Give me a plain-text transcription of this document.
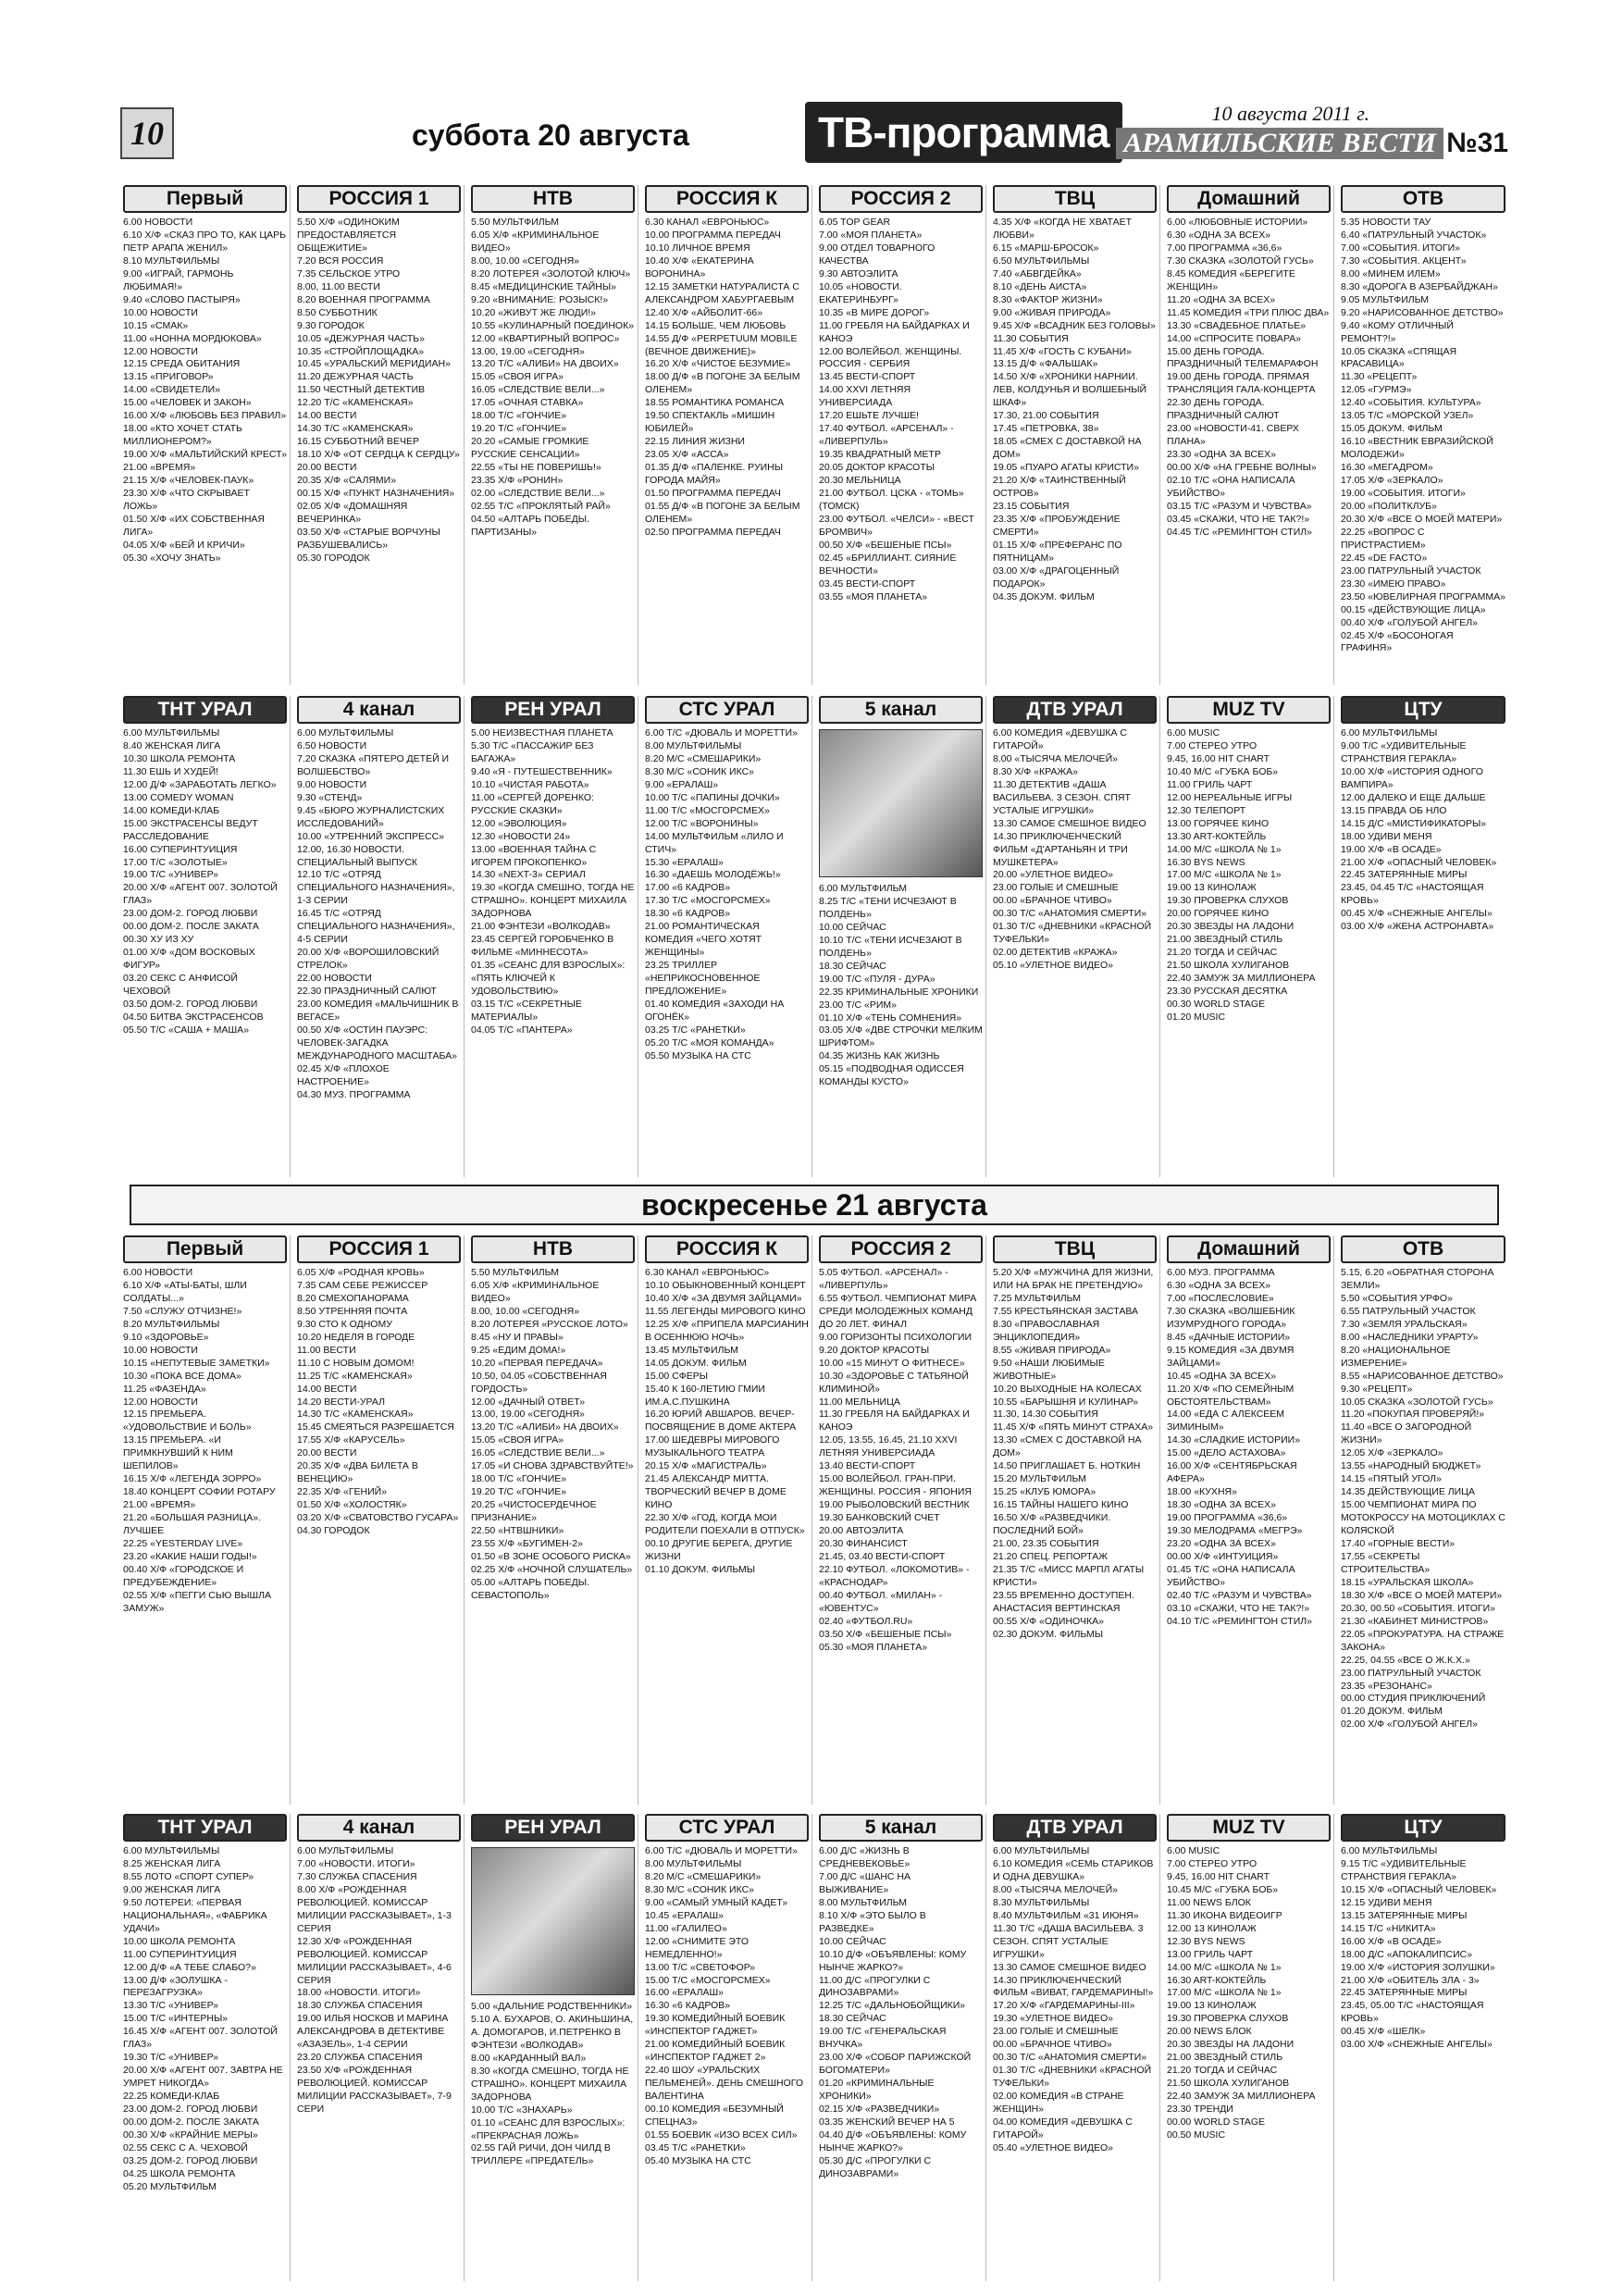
10	суббота 20 августа	ТВ-программа	10 августа 2011 г.
АРАМИЛЬСКИЕ ВЕСТИ №31
Первый
6.00 НОВОСТИ
6.10 Х/Ф «СКАЗ ПРО ТО, КАК ЦАРЬ ПЕТР АРАПА ЖЕНИЛ»
8.10 МУЛЬТФИЛЬМЫ
9.00 «ИГРАЙ, ГАРМОНЬ ЛЮБИМАЯ!»
9.40 «СЛОВО ПАСТЫРЯ»
10.00 НОВОСТИ
10.15 «СМАК»
11.00 «НОННА МОРДЮКОВА»
12.00 НОВОСТИ
12.15 СРЕДА ОБИТАНИЯ
13.15 «ПРИГОВОР»
14.00 «СВИДЕТЕЛИ»
15.00 «ЧЕЛОВЕК И ЗАКОН»
16.00 Х/Ф «ЛЮБОВЬ БЕЗ ПРАВИЛ»
18.00 «КТО ХОЧЕТ СТАТЬ МИЛЛИОНЕРОМ?»
19.00 Х/Ф «МАЛЬТИЙСКИЙ КРЕСТ»
21.00 «ВРЕМЯ»
21.15 Х/Ф «ЧЕЛОВЕК-ПАУК»
23.30 Х/Ф «ЧТО СКРЫВАЕТ ЛОЖЬ»
01.50 Х/Ф «ИХ СОБСТВЕННАЯ ЛИГА»
04.05 Х/Ф «БЕЙ И КРИЧИ»
05.30 «ХОЧУ ЗНАТЬ»
РОССИЯ 1
5.50 Х/Ф «ОДИНОКИМ ПРЕДОСТАВЛЯЕТСЯ ОБЩЕЖИТИЕ»
7.20 ВСЯ РОССИЯ
7.35 СЕЛЬСКОЕ УТРО
8.00, 11.00 ВЕСТИ
8.20 ВОЕННАЯ ПРОГРАММА
8.50 СУББОТНИК
9.30 ГОРОДОК
10.05 «ДЕЖУРНАЯ ЧАСТЬ»
10.35 «СТРОЙПЛОЩАДКА»
10.45 «УРАЛЬСКИЙ МЕРИДИАН»
11.20 ДЕЖУРНАЯ ЧАСТЬ
11.50 ЧЕСТНЫЙ ДЕТЕКТИВ
12.20 Т/С «КАМЕНСКАЯ»
14.00 ВЕСТИ
14.30 Т/С «КАМЕНСКАЯ»
16.15 СУББОТНИЙ ВЕЧЕР
18.10 Х/Ф «ОТ СЕРДЦА К СЕРДЦУ»
20.00 ВЕСТИ
20.35 Х/Ф «САЛЯМИ»
00.15 Х/Ф «ПУНКТ НАЗНАЧЕНИЯ»
02.05 Х/Ф «ДОМАШНЯЯ ВЕЧЕРИНКА»
03.50 Х/Ф «СТАРЫЕ ВОРЧУНЫ РАЗБУШЕВАЛИСЬ»
05.30 ГОРОДОК
НТВ
5.50 МУЛЬТФИЛЬМ
6.05 Х/Ф «КРИМИНАЛЬНОЕ ВИДЕО»
8.00, 10.00 «СЕГОДНЯ»
8.20 ЛОТЕРЕЯ «ЗОЛОТОЙ КЛЮЧ»
8.45 «МЕДИЦИНСКИЕ ТАЙНЫ»
9.20 «ВНИМАНИЕ: РОЗЫСК!»
10.20 «ЖИВУТ ЖЕ ЛЮДИ!»
10.55 «КУЛИНАРНЫЙ ПОЕДИНОК»
12.00 «КВАРТИРНЫЙ ВОПРОС»
13.00, 19.00 «СЕГОДНЯ»
13.20 Т/С «АЛИБИ» НА ДВОИХ»
15.05 «СВОЯ ИГРА»
16.05 «СЛЕДСТВИЕ ВЕЛИ...»
17.05 «ОЧНАЯ СТАВКА»
18.00 Т/С «ГОНЧИЕ»
19.20 Т/С «ГОНЧИЕ»
20.20 «САМЫЕ ГРОМКИЕ РУССКИЕ СЕНСАЦИИ»
22.55 «ТЫ НЕ ПОВЕРИШЬ!»
23.35 Х/Ф «РОНИН»
02.00 «СЛЕДСТВИЕ ВЕЛИ...»
02.55 Т/С «ПРОКЛЯТЫЙ РАЙ»
04.50 «АЛТАРЬ ПОБЕДЫ. ПАРТИЗАНЫ»
РОССИЯ К
6.30 КАНАЛ «ЕВРОНЬЮС»
10.00 ПРОГРАММА ПЕРЕДАЧ
10.10 ЛИЧНОЕ ВРЕМЯ
10.40 Х/Ф «ЕКАТЕРИНА ВОРОНИНА»
12.15 ЗАМЕТКИ НАТУРАЛИСТА С АЛЕКСАНДРОМ ХАБУРГАЕВЫМ
12.40 Х/Ф «АЙБОЛИТ-66»
14.15 БОЛЬШЕ, ЧЕМ ЛЮБОВЬ
14.55 Д/Ф «PERPETUUM MOBILE (ВЕЧНОЕ ДВИЖЕНИЕ)»
16.20 Х/Ф «ЧИСТОЕ БЕЗУМИЕ»
18.00 Д/Ф «В ПОГОНЕ ЗА БЕЛЫМ ОЛЕНЕМ»
18.55 РОМАНТИКА РОМАНСА
19.50 СПЕКТАКЛЬ «МИШИН ЮБИЛЕЙ»
22.15 ЛИНИЯ ЖИЗНИ
23.05 Х/Ф «АССА»
01.35 Д/Ф «ПАЛЕНКЕ. РУИНЫ ГОРОДА МАЙЯ»
01.50 ПРОГРАММА ПЕРЕДАЧ
01.55 Д/Ф «В ПОГОНЕ ЗА БЕЛЫМ ОЛЕНЕМ»
02.50 ПРОГРАММА ПЕРЕДАЧ
РОССИЯ 2
6.05 TOP GEAR
7.00 «МОЯ ПЛАНЕТА»
9.00 ОТДЕЛ ТОВАРНОГО КАЧЕСТВА
9.30 АВТОЭЛИТА
10.05 «НОВОСТИ. ЕКАТЕРИНБУРГ»
10.35 «В МИРЕ ДОРОГ»
11.00 ГРЕБЛЯ НА БАЙДАРКАХ И КАНОЭ
12.00 ВОЛЕЙБОЛ. ЖЕНЩИНЫ. РОССИЯ - СЕРБИЯ
13.45 ВЕСТИ-СПОРТ
14.00 XXVI ЛЕТНЯЯ УНИВЕРСИАДА
17.20 ЕШЬТЕ ЛУЧШЕ!
17.40 ФУТБОЛ. «АРСЕНАЛ» - «ЛИВЕРПУЛЬ»
19.35 КВАДРАТНЫЙ МЕТР
20.05 ДОКТОР КРАСОТЫ
20.30 МЕЛЬНИЦА
21.00 ФУТБОЛ. ЦСКА - «ТОМЬ» (ТОМСК)
23.00 ФУТБОЛ. «ЧЕЛСИ» - «ВЕСТ БРОМВИЧ»
00.50 Х/Ф «БЕШЕНЫЕ ПСЫ»
02.45 «БРИЛЛИАНТ. СИЯНИЕ ВЕЧНОСТИ»
03.45 ВЕСТИ-СПОРТ
03.55 «МОЯ ПЛАНЕТА»
ТВЦ
4.35 Х/Ф «КОГДА НЕ ХВАТАЕТ ЛЮБВИ»
6.15 «МАРШ-БРОСОК»
6.50 МУЛЬТФИЛЬМЫ
7.40 «АБВГДЕЙКА»
8.10 «ДЕНЬ АИСТА»
8.30 «ФАКТОР ЖИЗНИ»
9.00 «ЖИВАЯ ПРИРОДА»
9.45 Х/Ф «ВСАДНИК БЕЗ ГОЛОВЫ»
11.30 СОБЫТИЯ
11.45 Х/Ф «ГОСТЬ С КУБАНИ»
13.15 Д/Ф «ФАЛЬШАК»
14.50 Х/Ф «ХРОНИКИ НАРНИИ. ЛЕВ, КОЛДУНЬЯ И ВОЛШЕБНЫЙ ШКАФ»
17.30, 21.00 СОБЫТИЯ
17.45 «ПЕТРОВКА, 38»
18.05 «СМЕХ С ДОСТАВКОЙ НА ДОМ»
19.05 «ПУАРО АГАТЫ КРИСТИ»
21.20 Х/Ф «ТАИНСТВЕННЫЙ ОСТРОВ»
23.15 СОБЫТИЯ
23.35 Х/Ф «ПРОБУЖДЕНИЕ СМЕРТИ»
01.15 Х/Ф «ПРЕФЕРАНС ПО ПЯТНИЦАМ»
03.00 Х/Ф «ДРАГОЦЕННЫЙ ПОДАРОК»
04.35 ДОКУМ. ФИЛЬМ
Домашний
6.00 «ЛЮБОВНЫЕ ИСТОРИИ»
6.30 «ОДНА ЗА ВСЕХ»
7.00 ПРОГРАММА «36,6»
7.30 СКАЗКА «ЗОЛОТОЙ ГУСЬ»
8.45 КОМЕДИЯ «БЕРЕГИТЕ ЖЕНЩИН»
11.20 «ОДНА ЗА ВСЕХ»
11.45 КОМЕДИЯ «ТРИ ПЛЮС ДВА»
13.30 «СВАДЕБНОЕ ПЛАТЬЕ»
14.00 «СПРОСИТЕ ПОВАРА»
15.00 ДЕНЬ ГОРОДА. ПРАЗДНИЧНЫЙ ТЕЛЕМАРАФОН
19.00 ДЕНЬ ГОРОДА. ПРЯМАЯ ТРАНСЛЯЦИЯ ГАЛА-КОНЦЕРТА
22.30 ДЕНЬ ГОРОДА. ПРАЗДНИЧНЫЙ САЛЮТ
23.00 «НОВОСТИ-41. СВЕРХ ПЛАНА»
23.30 «ОДНА ЗА ВСЕХ»
00.00 Х/Ф «НА ГРЕБНЕ ВОЛНЫ»
02.10 Т/С «ОНА НАПИСАЛА УБИЙСТВО»
03.15 Т/С «РАЗУМ И ЧУВСТВА»
03.45 «СКАЖИ, ЧТО НЕ ТАК?!»
04.45 Т/С «РЕМИНГТОН СТИЛ»
ОТВ
5.35 НОВОСТИ ТАУ
6.40 «ПАТРУЛЬНЫЙ УЧАСТОК»
7.00 «СОБЫТИЯ. ИТОГИ»
7.30 «СОБЫТИЯ. АКЦЕНТ»
8.00 «МИНЕМ ИЛЕМ»
8.30 «ДОРОГА В АЗЕРБАЙДЖАН»
9.05 МУЛЬТФИЛЬМ
9.20 «НАРИСОВАННОЕ ДЕТСТВО»
9.40 «КОМУ ОТЛИЧНЫЙ РЕМОНТ?!»
10.05 СКАЗКА «СПЯЩАЯ КРАСАВИЦА»
11.30 «РЕЦЕПТ»
12.05 «ГУРМЭ»
12.40 «СОБЫТИЯ. КУЛЬТУРА»
13.05 Т/С «МОРСКОЙ УЗЕЛ»
15.05 ДОКУМ. ФИЛЬМ
16.10 «ВЕСТНИК ЕВРАЗИЙСКОЙ МОЛОДЕЖИ»
16.30 «МЕГАДРОМ»
17.05 Х/Ф «ЗЕРКАЛО»
19.00 «СОБЫТИЯ. ИТОГИ»
20.00 «ПОЛИТКЛУБ»
20.30 Х/Ф «ВСЕ О МОЕЙ МАТЕРИ»
22.25 «ВОПРОС С ПРИСТРАСТИЕМ»
22.45 «DE FACTO»
23.00 ПАТРУЛЬНЫЙ УЧАСТОК
23.30 «ИМЕЮ ПРАВО»
23.50 «ЮВЕЛИРНАЯ ПРОГРАММА»
00.15 «ДЕЙСТВУЮЩИЕ ЛИЦА»
00.40 Х/Ф «ГОЛУБОЙ АНГЕЛ»
02.45 Х/Ф «БОСОНОГАЯ ГРАФИНЯ»
ТНТ УРАЛ
6.00 МУЛЬТФИЛЬМЫ
8.40 ЖЕНСКАЯ ЛИГА
10.30 ШКОЛА РЕМОНТА
11.30 ЕШЬ И ХУДЕЙ!
12.00 Д/Ф «ЗАРАБОТАТЬ ЛЕГКО»
13.00 COMEDY WOMAN
14.00 КОМЕДИ-КЛАБ
15.00 ЭКСТРАСЕНСЫ ВЕДУТ РАССЛЕДОВАНИЕ
16.00 СУПЕРИНТУИЦИЯ
17.00 Т/С «ЗОЛОТЫЕ»
19.00 Т/С «УНИВЕР»
20.00 Х/Ф «АГЕНТ 007. ЗОЛОТОЙ ГЛАЗ»
23.00 ДОМ-2. ГОРОД ЛЮБВИ
00.00 ДОМ-2. ПОСЛЕ ЗАКАТА
00.30 ХУ ИЗ ХУ
01.00 Х/Ф «ДОМ ВОСКОВЫХ ФИГУР»
03.20 СЕКС С АНФИСОЙ ЧЕХОВОЙ
03.50 ДОМ-2. ГОРОД ЛЮБВИ
04.50 БИТВА ЭКСТРАСЕНСОВ
05.50 Т/С «САША + МАША»
4 канал
6.00 МУЛЬТФИЛЬМЫ
6.50 НОВОСТИ
7.20 СКАЗКА «ПЯТЕРО ДЕТЕЙ И ВОЛШЕБСТВО»
9.00 НОВОСТИ
9.30 «СТЕНД»
9.45 «БЮРО ЖУРНАЛИСТСКИХ ИССЛЕДОВАНИЙ»
10.00 «УТРЕННИЙ ЭКСПРЕСС»
12.00, 16.30 НОВОСТИ. СПЕЦИАЛЬНЫЙ ВЫПУСК
12.10 Т/С «ОТРЯД СПЕЦИАЛЬНОГО НАЗНАЧЕНИЯ», 1-3 СЕРИИ
16.45 Т/С «ОТРЯД СПЕЦИАЛЬНОГО НАЗНАЧЕНИЯ», 4-5 СЕРИИ
20.00 Х/Ф «ВОРОШИЛОВСКИЙ СТРЕЛОК»
22.00 НОВОСТИ
22.30 ПРАЗДНИЧНЫЙ САЛЮТ
23.00 КОМЕДИЯ «МАЛЬЧИШНИК В ВЕГАСЕ»
00.50 Х/Ф «ОСТИН ПАУЭРС: ЧЕЛОВЕК-ЗАГАДКА МЕЖДУНАРОДНОГО МАСШТАБА»
02.45 Х/Ф «ПЛОХОЕ НАСТРОЕНИЕ»
04.30 МУЗ. ПРОГРАММА
РЕН УРАЛ
5.00 НЕИЗВЕСТНАЯ ПЛАНЕТА
5.30 Т/С «ПАССАЖИР БЕЗ БАГАЖА»
9.40 «Я - ПУТЕШЕСТВЕННИК»
10.10 «ЧИСТАЯ РАБОТА»
11.00 «СЕРГЕЙ ДОРЕНКО: РУССКИЕ СКАЗКИ»
12.00 «ЭВОЛЮЦИЯ»
12.30 «НОВОСТИ 24»
13.00 «ВОЕННАЯ ТАЙНА С ИГОРЕМ ПРОКОПЕНКО»
14.30 «NEXT-3» СЕРИАЛ
19.30 «КОГДА СМЕШНО, ТОГДА НЕ СТРАШНО». КОНЦЕРТ МИХАИЛА ЗАДОРНОВА
21.00 ФЭНТЕЗИ «ВОЛКОДАВ»
23.45 СЕРГЕЙ ГОРОБЧЕНКО В ФИЛЬМЕ «МИННЕСОТА»
01.35 «СЕАНС ДЛЯ ВЗРОСЛЫХ»: «ПЯТЬ КЛЮЧЕЙ К УДОВОЛЬСТВИЮ»
03.15 Т/С «СЕКРЕТНЫЕ МАТЕРИАЛЫ»
04.05 Т/С «ПАНТЕРА»
СТС УРАЛ
6.00 Т/С «ДЮВАЛЬ И МОРЕТТИ»
8.00 МУЛЬТФИЛЬМЫ
8.20 М/С «СМЕШАРИКИ»
8.30 М/С «СОНИК ИКС»
9.00 «ЕРАЛАШ»
10.00 Т/С «ПАПИНЫ ДОЧКИ»
11.00 Т/С «МОСГОРСМЕХ»
12.00 Т/С «ВОРОНИНЫ»
14.00 МУЛЬТФИЛЬМ «ЛИЛО И СТИЧ»
15.30 «ЕРАЛАШ»
16.30 «ДАЕШЬ МОЛОДЁЖЬ!»
17.00 «6 КАДРОВ»
17.30 Т/С «МОСГОРСМЕХ»
18.30 «6 КАДРОВ»
21.00 РОМАНТИЧЕСКАЯ КОМЕДИЯ «ЧЕГО ХОТЯТ ЖЕНЩИНЫ»
23.25 ТРИЛЛЕР «НЕПРИКОСНОВЕННОЕ ПРЕДЛОЖЕНИЕ»
01.40 КОМЕДИЯ «ЗАХОДИ НА ОГОНЁК»
03.25 Т/С «РАНЕТКИ»
05.20 Т/С «МОЯ КОМАНДА»
05.50 МУЗЫКА НА СТС
5 канал
6.00 МУЛЬТФИЛЬМ
8.25 Т/С «ТЕНИ ИСЧЕЗАЮТ В ПОЛДЕНЬ»
10.00 СЕЙЧАС
10.10 Т/С «ТЕНИ ИСЧЕЗАЮТ В ПОЛДЕНЬ»
18.30 СЕЙЧАС
19.00 Т/С «ПУЛЯ - ДУРА»
22.35 КРИМИНАЛЬНЫЕ ХРОНИКИ
23.00 Т/С «РИМ»
01.10 Х/Ф «ТЕНЬ СОМНЕНИЯ»
03.05 Х/Ф «ДВЕ СТРОЧКИ МЕЛКИМ ШРИФТОМ»
04.35 ЖИЗНЬ КАК ЖИЗНЬ
05.15 «ПОДВОДНАЯ ОДИССЕЯ КОМАНДЫ КУСТО»
ДТВ УРАЛ
6.00 КОМЕДИЯ «ДЕВУШКА С ГИТАРОЙ»
8.00 «ТЫСЯЧА МЕЛОЧЕЙ»
8.30 Х/Ф «КРАЖА»
11.30 ДЕТЕКТИВ «ДАША ВАСИЛЬЕВА. 3 СЕЗОН. СПЯТ УСТАЛЫЕ ИГРУШКИ»
13.30 САМОЕ СМЕШНОЕ ВИДЕО
14.30 ПРИКЛЮЧЕНЧЕСКИЙ ФИЛЬМ «Д'АРТАНЬЯН И ТРИ МУШКЕТЕРА»
20.00 «УЛЕТНОЕ ВИДЕО»
23.00 ГОЛЫЕ И СМЕШНЫЕ
00.00 «БРАЧНОЕ ЧТИВО»
00.30 Т/С «АНАТОМИЯ СМЕРТИ»
01.30 Т/С «ДНЕВНИКИ «КРАСНОЙ ТУФЕЛЬКИ»
02.00 ДЕТЕКТИВ «КРАЖА»
05.10 «УЛЕТНОЕ ВИДЕО»
MUZ TV
6.00 MUSIC
7.00 СТЕРЕО УТРО
9.45, 16.00 HIT CHART
10.40 М/С «ГУБКА БОБ»
11.00 ГРИЛЬ ЧАРТ
12.00 НЕРЕАЛЬНЫЕ ИГРЫ
12.30 ТЕЛЕПОРТ
13.00 ГОРЯЧЕЕ КИНО
13.30 ART-КОКТЕЙЛЬ
14.00 М/С «ШКОЛА № 1»
16.30 BYS NEWS
17.00 М/С «ШКОЛА № 1»
19.00 13 КИНОЛАЖ
19.30 ПРОВЕРКА СЛУХОВ
20.00 ГОРЯЧЕЕ КИНО
20.30 ЗВЕЗДЫ НА ЛАДОНИ
21.00 ЗВЕЗДНЫЙ СТИЛЬ
21.20 ТОГДА И СЕЙЧАС
21.50 ШКОЛА ХУЛИГАНОВ
22.40 ЗАМУЖ ЗА МИЛЛИОНЕРА
23.30 РУССКАЯ ДЕСЯТКА
00.30 WORLD STAGE
01.20 MUSIC
ЦТУ
6.00 МУЛЬТФИЛЬМЫ
9.00 Т/С «УДИВИТЕЛЬНЫЕ СТРАНСТВИЯ ГЕРАКЛА»
10.00 Х/Ф «ИСТОРИЯ ОДНОГО ВАМПИРА»
12.00 ДАЛЕКО И ЕЩЕ ДАЛЬШЕ
13.15 ПРАВДА ОБ НЛО
14.15 Д/С «МИСТИФИКАТОРЫ»
18.00 УДИВИ МЕНЯ
19.00 Х/Ф «В ОСАДЕ»
21.00 Х/Ф «ОПАСНЫЙ ЧЕЛОВЕК»
22.45 ЗАТЕРЯННЫЕ МИРЫ
23.45, 04.45 Т/С «НАСТОЯЩАЯ КРОВЬ»
00.45 Х/Ф «СНЕЖНЫЕ АНГЕЛЫ»
03.00 Х/Ф «ЖЕНА АСТРОНАВТА»
воскресенье 21 августа
Первый
6.00 НОВОСТИ
6.10 Х/Ф «АТЫ-БАТЫ, ШЛИ СОЛДАТЫ...»
7.50 «СЛУЖУ ОТЧИЗНЕ!»
8.20 МУЛЬТФИЛЬМЫ
9.10 «ЗДОРОВЬЕ»
10.00 НОВОСТИ
10.15 «НЕПУТЕВЫЕ ЗАМЕТКИ»
10.30 «ПОКА ВСЕ ДОМА»
11.25 «ФАЗЕНДА»
12.00 НОВОСТИ
12.15 ПРЕМЬЕРА. «УДОВОЛЬСТВИЕ И БОЛЬ»
13.15 ПРЕМЬЕРА. «И ПРИМКНУВШИЙ К НИМ ШЕПИЛОВ»
16.15 Х/Ф «ЛЕГЕНДА ЗОРРО»
18.40 КОНЦЕРТ СОФИИ РОТАРУ
21.00 «ВРЕМЯ»
21.20 «БОЛЬШАЯ РАЗНИЦА». ЛУЧШЕЕ
22.25 «YESTERDAY LIVE»
23.20 «КАКИЕ НАШИ ГОДЫ!»
00.40 Х/Ф «ГОРОДСКОЕ И ПРЕДУБЕЖДЕНИЕ»
02.55 Х/Ф «ПЕГГИ СЬЮ ВЫШЛА ЗАМУЖ»
РОССИЯ 1
6.05 Х/Ф «РОДНАЯ КРОВЬ»
7.35 САМ СЕБЕ РЕЖИССЕР
8.20 СМЕХОПАНОРАМА
8.50 УТРЕННЯЯ ПОЧТА
9.30 СТО К ОДНОМУ
10.20 НЕДЕЛЯ В ГОРОДЕ
11.00 ВЕСТИ
11.10 С НОВЫМ ДОМОМ!
11.25 Т/С «КАМЕНСКАЯ»
14.00 ВЕСТИ
14.20 ВЕСТИ-УРАЛ
14.30 Т/С «КАМЕНСКАЯ»
15.45 СМЕЯТЬСЯ РАЗРЕШАЕТСЯ
17.55 Х/Ф «КАРУСЕЛЬ»
20.00 ВЕСТИ
20.35 Х/Ф «ДВА БИЛЕТА В ВЕНЕЦИЮ»
22.35 Х/Ф «ГЕНИЙ»
01.50 Х/Ф «ХОЛОСТЯК»
03.20 Х/Ф «СВАТОВСТВО ГУСАРА»
04.30 ГОРОДОК
НТВ
5.50 МУЛЬТФИЛЬМ
6.05 Х/Ф «КРИМИНАЛЬНОЕ ВИДЕО»
8.00, 10.00 «СЕГОДНЯ»
8.20 ЛОТЕРЕЯ «РУССКОЕ ЛОТО»
8.45 «НУ И ПРАВЫ»
9.25 «ЕДИМ ДОМА!»
10.20 «ПЕРВАЯ ПЕРЕДАЧА»
10.50, 04.05 «СОБСТВЕННАЯ ГОРДОСТЬ»
12.00 «ДАЧНЫЙ ОТВЕТ»
13.00, 19.00 «СЕГОДНЯ»
13.20 Т/С «АЛИБИ» НА ДВОИХ»
15.05 «СВОЯ ИГРА»
16.05 «СЛЕДСТВИЕ ВЕЛИ...»
17.05 «И СНОВА ЗДРАВСТВУЙТЕ!»
18.00 Т/С «ГОНЧИЕ»
19.20 Т/С «ГОНЧИЕ»
20.25 «ЧИСТОСЕРДЕЧНОЕ ПРИЗНАНИЕ»
22.50 «НТВШНИКИ»
23.55 Х/Ф «БУГИМЕН-2»
01.50 «В ЗОНЕ ОСОБОГО РИСКА»
02.25 Х/Ф «НОЧНОЙ СЛУШАТЕЛЬ»
05.00 «АЛТАРЬ ПОБЕДЫ. СЕВАСТОПОЛЬ»
РОССИЯ К
6.30 КАНАЛ «ЕВРОНЬЮС»
10.10 ОБЫКНОВЕННЫЙ КОНЦЕРТ
10.40 Х/Ф «ЗА ДВУМЯ ЗАЙЦАМИ»
11.55 ЛЕГЕНДЫ МИРОВОГО КИНО
12.25 Х/Ф «ПРИПЕЛА МАРСИАНИН В ОСЕННЮЮ НОЧЬ»
13.45 МУЛЬТФИЛЬМ
14.05 ДОКУМ. ФИЛЬМ
15.00 СФЕРЫ
15.40 К 160-ЛЕТИЮ ГМИИ ИМ.А.С.ПУШКИНА
16.20 ЮРИЙ АВШАРОВ. ВЕЧЕР-ПОСВЯЩЕНИЕ В ДОМЕ АКТЕРА
17.00 ШЕДЕВРЫ МИРОВОГО МУЗЫКАЛЬНОГО ТЕАТРА
20.15 Х/Ф «МАГИСТРАЛЬ»
21.45 АЛЕКСАНДР МИТТА. ТВОРЧЕСКИЙ ВЕЧЕР В ДОМЕ КИНО
22.30 Х/Ф «ГОД, КОГДА МОИ РОДИТЕЛИ ПОЕХАЛИ В ОТПУСК»
00.10 ДРУГИЕ БЕРЕГА, ДРУГИЕ ЖИЗНИ
01.10 ДОКУМ. ФИЛЬМЫ
РОССИЯ 2
5.05 ФУТБОЛ. «АРСЕНАЛ» - «ЛИВЕРПУЛЬ»
6.55 ФУТБОЛ. ЧЕМПИОНАТ МИРА СРЕДИ МОЛОДЕЖНЫХ КОМАНД ДО 20 ЛЕТ. ФИНАЛ
9.00 ГОРИЗОНТЫ ПСИХОЛОГИИ
9.20 ДОКТОР КРАСОТЫ
10.00 «15 МИНУТ О ФИТНЕСЕ»
10.30 «ЗДОРОВЬЕ С ТАТЬЯНОЙ КЛИМИНОЙ»
11.00 МЕЛЬНИЦА
11.30 ГРЕБЛЯ НА БАЙДАРКАХ И КАНОЭ
12.05, 13.55, 16.45, 21.10 XXVI ЛЕТНЯЯ УНИВЕРСИАДА
13.40 ВЕСТИ-СПОРТ
15.00 ВОЛЕЙБОЛ. ГРАН-ПРИ. ЖЕНЩИНЫ. РОССИЯ - ЯПОНИЯ
19.00 РЫБОЛОВСКИЙ ВЕСТНИК
19.30 БАНКОВСКИЙ СЧЕТ
20.00 АВТОЭЛИТА
20.30 ФИНАНСИСТ
21.45, 03.40 ВЕСТИ-СПОРТ
22.10 ФУТБОЛ. «ЛОКОМОТИВ» - «КРАСНОДАР»
00.40 ФУТБОЛ. «МИЛАН» - «ЮВЕНТУС»
02.40 «ФУТБОЛ.RU»
03.50 Х/Ф «БЕШЕНЫЕ ПСЫ»
05.30 «МОЯ ПЛАНЕТА»
ТВЦ
5.20 Х/Ф «МУЖЧИНА ДЛЯ ЖИЗНИ, ИЛИ НА БРАК НЕ ПРЕТЕНДУЮ»
7.25 МУЛЬТФИЛЬМ
7.55 КРЕСТЬЯНСКАЯ ЗАСТАВА
8.30 «ПРАВОСЛАВНАЯ ЭНЦИКЛОПЕДИЯ»
8.55 «ЖИВАЯ ПРИРОДА»
9.50 «НАШИ ЛЮБИМЫЕ ЖИВОТНЫЕ»
10.20 ВЫХОДНЫЕ НА КОЛЕСАХ
10.55 «БАРЫШНЯ И КУЛИНАР»
11.30, 14.30 СОБЫТИЯ
11.45 Х/Ф «ПЯТЬ МИНУТ СТРАХА»
13.30 «СМЕХ С ДОСТАВКОЙ НА ДОМ»
14.50 ПРИГЛАШАЕТ Б. НОТКИН
15.20 МУЛЬТФИЛЬМ
15.25 «КЛУБ ЮМОРА»
16.15 ТАЙНЫ НАШЕГО КИНО
16.50 Х/Ф «РАЗВЕДЧИКИ. ПОСЛЕДНИЙ БОЙ»
21.00, 23.35 СОБЫТИЯ
21.20 СПЕЦ. РЕПОРТАЖ
21.35 Т/С «МИСС МАРПЛ АГАТЫ КРИСТИ»
23.55 ВРЕМЕННО ДОСТУПЕН. АНАСТАСИЯ ВЕРТИНСКАЯ
00.55 Х/Ф «ОДИНОЧКА»
02.30 ДОКУМ. ФИЛЬМЫ
Домашний
6.00 МУЗ. ПРОГРАММА
6.30 «ОДНА ЗА ВСЕХ»
7.00 «ПОСЛЕСЛОВИЕ»
7.30 СКАЗКА «ВОЛШЕБНИК ИЗУМРУДНОГО ГОРОДА»
8.45 «ДАЧНЫЕ ИСТОРИИ»
9.15 КОМЕДИЯ «ЗА ДВУМЯ ЗАЙЦАМИ»
10.45 «ОДНА ЗА ВСЕХ»
11.20 Х/Ф «ПО СЕМЕЙНЫМ ОБСТОЯТЕЛЬСТВАМ»
14.00 «ЕДА С АЛЕКСЕЕМ ЗИМИНЫМ»
14.30 «СЛАДКИЕ ИСТОРИИ»
15.00 «ДЕЛО АСТАХОВА»
16.00 Х/Ф «СЕНТЯБРЬСКАЯ АФЕРА»
18.00 «КУХНЯ»
18.30 «ОДНА ЗА ВСЕХ»
19.00 ПРОГРАММА «36,6»
19.30 МЕЛОДРАМА «МЕГРЭ»
23.20 «ОДНА ЗА ВСЕХ»
00.00 Х/Ф «ИНТУИЦИЯ»
01.45 Т/С «ОНА НАПИСАЛА УБИЙСТВО»
02.40 Т/С «РАЗУМ И ЧУВСТВА»
03.10 «СКАЖИ, ЧТО НЕ ТАК?!»
04.10 Т/С «РЕМИНГТОН СТИЛ»
ОТВ
5.15, 6.20 «ОБРАТНАЯ СТОРОНА ЗЕМЛИ»
5.50 «СОБЫТИЯ УРФО»
6.55 ПАТРУЛЬНЫЙ УЧАСТОК
7.30 «ЗЕМЛЯ УРАЛЬСКАЯ»
8.00 «НАСЛЕДНИКИ УРАРТУ»
8.20 «НАЦИОНАЛЬНОЕ ИЗМЕРЕНИЕ»
8.55 «НАРИСОВАННОЕ ДЕТСТВО»
9.30 «РЕЦЕПТ»
10.05 СКАЗКА «ЗОЛОТОЙ ГУСЬ»
11.20 «ПОКУПАЯ ПРОВЕРЯЙ!»
11.40 «ВСЕ О ЗАГОРОДНОЙ ЖИЗНИ»
12.05 Х/Ф «ЗЕРКАЛО»
13.55 «НАРОДНЫЙ БЮДЖЕТ»
14.15 «ПЯТЫЙ УГОЛ»
14.35 ДЕЙСТВУЮЩИЕ ЛИЦА
15.00 ЧЕМПИОНАТ МИРА ПО МОТОКРОССУ НА МОТОЦИКЛАХ С КОЛЯСКОЙ
17.40 «ГОРНЫЕ ВЕСТИ»
17.55 «СЕКРЕТЫ СТРОИТЕЛЬСТВА»
18.15 «УРАЛЬСКАЯ ШКОЛА»
18.30 Х/Ф «ВСЕ О МОЕЙ МАТЕРИ»
20.30, 00.50 «СОБЫТИЯ. ИТОГИ»
21.30 «КАБИНЕТ МИНИСТРОВ»
22.05 «ПРОКУРАТУРА. НА СТРАЖЕ ЗАКОНА»
22.25, 04.55 «ВСЕ О Ж.К.Х.»
23.00 ПАТРУЛЬНЫЙ УЧАСТОК
23.35 «РЕЗОНАНС»
00.00 СТУДИЯ ПРИКЛЮЧЕНИЙ
01.20 ДОКУМ. ФИЛЬМ
02.00 Х/Ф «ГОЛУБОЙ АНГЕЛ»
ТНТ УРАЛ
6.00 МУЛЬТФИЛЬМЫ
8.25 ЖЕНСКАЯ ЛИГА
8.55 ЛОТО «СПОРТ СУПЕР»
9.00 ЖЕНСКАЯ ЛИГА
9.50 ЛОТЕРЕИ: «ПЕРВАЯ НАЦИОНАЛЬНАЯ», «ФАБРИКА УДАЧИ»
10.00 ШКОЛА РЕМОНТА
11.00 СУПЕРИНТУИЦИЯ
12.00 Д/Ф «А ТЕБЕ СЛАБО?»
13.00 Д/Ф «ЗОЛУШКА - ПЕРЕЗАГРУЗКА»
13.30 Т/С «УНИВЕР»
15.00 Т/С «ИНТЕРНЫ»
16.45 Х/Ф «АГЕНТ 007. ЗОЛОТОЙ ГЛАЗ»
19.30 Т/С «УНИВЕР»
20.00 Х/Ф «АГЕНТ 007. ЗАВТРА НЕ УМРЕТ НИКОГДА»
22.25 КОМЕДИ-КЛАБ
23.00 ДОМ-2. ГОРОД ЛЮБВИ
00.00 ДОМ-2. ПОСЛЕ ЗАКАТА
00.30 Х/Ф «КРАЙНИЕ МЕРЫ»
02.55 СЕКС С А. ЧЕХОВОЙ
03.25 ДОМ-2. ГОРОД ЛЮБВИ
04.25 ШКОЛА РЕМОНТА
05.20 МУЛЬТФИЛЬМ
4 канал
6.00 МУЛЬТФИЛЬМЫ
7.00 «НОВОСТИ. ИТОГИ»
7.30 СЛУЖБА СПАСЕНИЯ
8.00 Х/Ф «РОЖДЕННАЯ РЕВОЛЮЦИЕЙ. КОМИССАР МИЛИЦИИ РАССКАЗЫВАЕТ», 1-3 СЕРИЯ
12.30 Х/Ф «РОЖДЕННАЯ РЕВОЛЮЦИЕЙ. КОМИССАР МИЛИЦИИ РАССКАЗЫВАЕТ», 4-6 СЕРИЯ
18.00 «НОВОСТИ. ИТОГИ»
18.30 СЛУЖБА СПАСЕНИЯ
19.00 ИЛЬЯ НОСКОВ И МАРИНА АЛЕКСАНДРОВА В ДЕТЕКТИВЕ «АЗАЗЕЛЬ», 1-4 СЕРИИ
23.20 СЛУЖБА СПАСЕНИЯ
23.50 Х/Ф «РОЖДЕННАЯ РЕВОЛЮЦИЕЙ. КОМИССАР МИЛИЦИИ РАССКАЗЫВАЕТ», 7-9 СЕРИ
РЕН УРАЛ
5.00 «ДАЛЬНИЕ РОДСТВЕННИКИ»
5.10 А. БУХАРОВ, О. АКИНЬШИНА, А. ДОМОГАРОВ, И.ПЕТРЕНКО В ФЭНТЕЗИ «ВОЛКОДАВ»
8.00 «КАРДАННЫЙ ВАЛ»
8.30 «КОГДА СМЕШНО, ТОГДА НЕ СТРАШНО». КОНЦЕРТ МИХАИЛА ЗАДОРНОВА
10.00 Т/С «ЗНАХАРЬ»
01.10 «СЕАНС ДЛЯ ВЗРОСЛЫХ»: «ПРЕКРАСНАЯ ЛОЖЬ»
02.55 ГАЙ РИЧИ, ДОН ЧИЛД В ТРИЛЛЕРЕ «ПРЕДАТЕЛЬ»
СТС УРАЛ
6.00 Т/С «ДЮВАЛЬ И МОРЕТТИ»
8.00 МУЛЬТФИЛЬМЫ
8.20 М/С «СМЕШАРИКИ»
8.30 М/С «СОНИК ИКС»
9.00 «САМЫЙ УМНЫЙ КАДЕТ»
10.45 «ЕРАЛАШ»
11.00 «ГАЛИЛЕО»
12.00 «СНИМИТЕ ЭТО НЕМЕДЛЕННО!»
13.00 Т/С «СВЕТОФОР»
15.00 Т/С «МОСГОРСМЕХ»
16.00 «ЕРАЛАШ»
16.30 «6 КАДРОВ»
19.30 КОМЕДИЙНЫЙ БОЕВИК «ИНСПЕКТОР ГАДЖЕТ»
21.00 КОМЕДИЙНЫЙ БОЕВИК «ИНСПЕКТОР ГАДЖЕТ 2»
22.40 ШОУ «УРАЛЬСКИХ ПЕЛЬМЕНЕЙ». ДЕНЬ СМЕШНОГО ВАЛЕНТИНА
00.10 КОМЕДИЯ «БЕЗУМНЫЙ СПЕЦНАЗ»
01.55 БОЕВИК «ИЗО ВСЕХ СИЛ»
03.45 Т/С «РАНЕТКИ»
05.40 МУЗЫКА НА СТС
5 канал
6.00 Д/С «ЖИЗНЬ В СРЕДНЕВЕКОВЬЕ»
7.00 Д/С «ШАНС НА ВЫЖИВАНИЕ»
8.00 МУЛЬТФИЛЬМ
8.10 Х/Ф «ЭТО БЫЛО В РАЗВЕДКЕ»
10.00 СЕЙЧАС
10.10 Д/Ф «ОБЪЯВЛЕНЫ: КОМУ НЫНЧЕ ЖАРКО?»
11.00 Д/С «ПРОГУЛКИ С ДИНОЗАВРАМИ»
12.25 Т/С «ДАЛЬНОБОЙЩИКИ»
18.30 СЕЙЧАС
19.00 Т/С «ГЕНЕРАЛЬСКАЯ ВНУЧКА»
23.00 Х/Ф «СОБОР ПАРИЖСКОЙ БОГОМАТЕРИ»
01.20 «КРИМИНАЛЬНЫЕ ХРОНИКИ»
02.15 Х/Ф «РАЗВЕДЧИКИ»
03.35 ЖЕНСКИЙ ВЕЧЕР НА 5
04.40 Д/Ф «ОБЪЯВЛЕНЫ: КОМУ НЫНЧЕ ЖАРКО?»
05.30 Д/С «ПРОГУЛКИ С ДИНОЗАВРАМИ»
ДТВ УРАЛ
6.00 МУЛЬТФИЛЬМЫ
6.10 КОМЕДИЯ «СЕМЬ СТАРИКОВ И ОДНА ДЕВУШКА»
8.00 «ТЫСЯЧА МЕЛОЧЕЙ»
8.30 МУЛЬТФИЛЬМЫ
8.40 МУЛЬТФИЛЬМ «31 ИЮНЯ»
11.30 Т/С «ДАША ВАСИЛЬЕВА. 3 СЕЗОН. СПЯТ УСТАЛЫЕ ИГРУШКИ»
13.30 САМОЕ СМЕШНОЕ ВИДЕО
14.30 ПРИКЛЮЧЕНЧЕСКИЙ ФИЛЬМ «ВИВАТ, ГАРДЕМАРИНЫ!»
17.20 Х/Ф «ГАРДЕМАРИНЫ-III»
19.30 «УЛЕТНОЕ ВИДЕО»
23.00 ГОЛЫЕ И СМЕШНЫЕ
00.00 «БРАЧНОЕ ЧТИВО»
00.30 Т/С «АНАТОМИЯ СМЕРТИ»
01.30 Т/С «ДНЕВНИКИ «КРАСНОЙ ТУФЕЛЬКИ»
02.00 КОМЕДИЯ «В СТРАНЕ ЖЕНЩИН»
04.00 КОМЕДИЯ «ДЕВУШКА С ГИТАРОЙ»
05.40 «УЛЕТНОЕ ВИДЕО»
MUZ TV
6.00 MUSIC
7.00 СТЕРЕО УТРО
9.45, 16.00 HIT CHART
10.45 М/С «ГУБКА БОБ»
11.00 NEWS БЛОК
11.30 ИКОНА ВИДЕОИГР
12.00 13 КИНОЛАЖ
12.30 BYS NEWS
13.00 ГРИЛЬ ЧАРТ
14.00 М/С «ШКОЛА № 1»
16.30 ART-КОКТЕЙЛЬ
17.00 М/С «ШКОЛА № 1»
19.00 13 КИНОЛАЖ
19.30 ПРОВЕРКА СЛУХОВ
20.00 NEWS БЛОК
20.30 ЗВЕЗДЫ НА ЛАДОНИ
21.00 ЗВЕЗДНЫЙ СТИЛЬ
21.20 ТОГДА И СЕЙЧАС
21.50 ШКОЛА ХУЛИГАНОВ
22.40 ЗАМУЖ ЗА МИЛЛИОНЕРА
23.30 ТРЕНДИ
00.00 WORLD STAGE
00.50 MUSIC
ЦТУ
6.00 МУЛЬТФИЛЬМЫ
9.15 Т/С «УДИВИТЕЛЬНЫЕ СТРАНСТВИЯ ГЕРАКЛА»
10.15 Х/Ф «ОПАСНЫЙ ЧЕЛОВЕК»
12.15 УДИВИ МЕНЯ
13.15 ЗАТЕРЯННЫЕ МИРЫ
14.15 Т/С «НИКИТА»
16.00 Х/Ф «В ОСАДЕ»
18.00 Д/С «АПОКАЛИПСИС»
19.00 Х/Ф «ИСТОРИЯ ЗОЛУШКИ»
21.00 Х/Ф «ОБИТЕЛЬ ЗЛА - 3»
22.45 ЗАТЕРЯННЫЕ МИРЫ
23.45, 05.00 Т/С «НАСТОЯЩАЯ КРОВЬ»
00.45 Х/Ф «ШЕЛК»
03.00 Х/Ф «СНЕЖНЫЕ АНГЕЛЫ»
